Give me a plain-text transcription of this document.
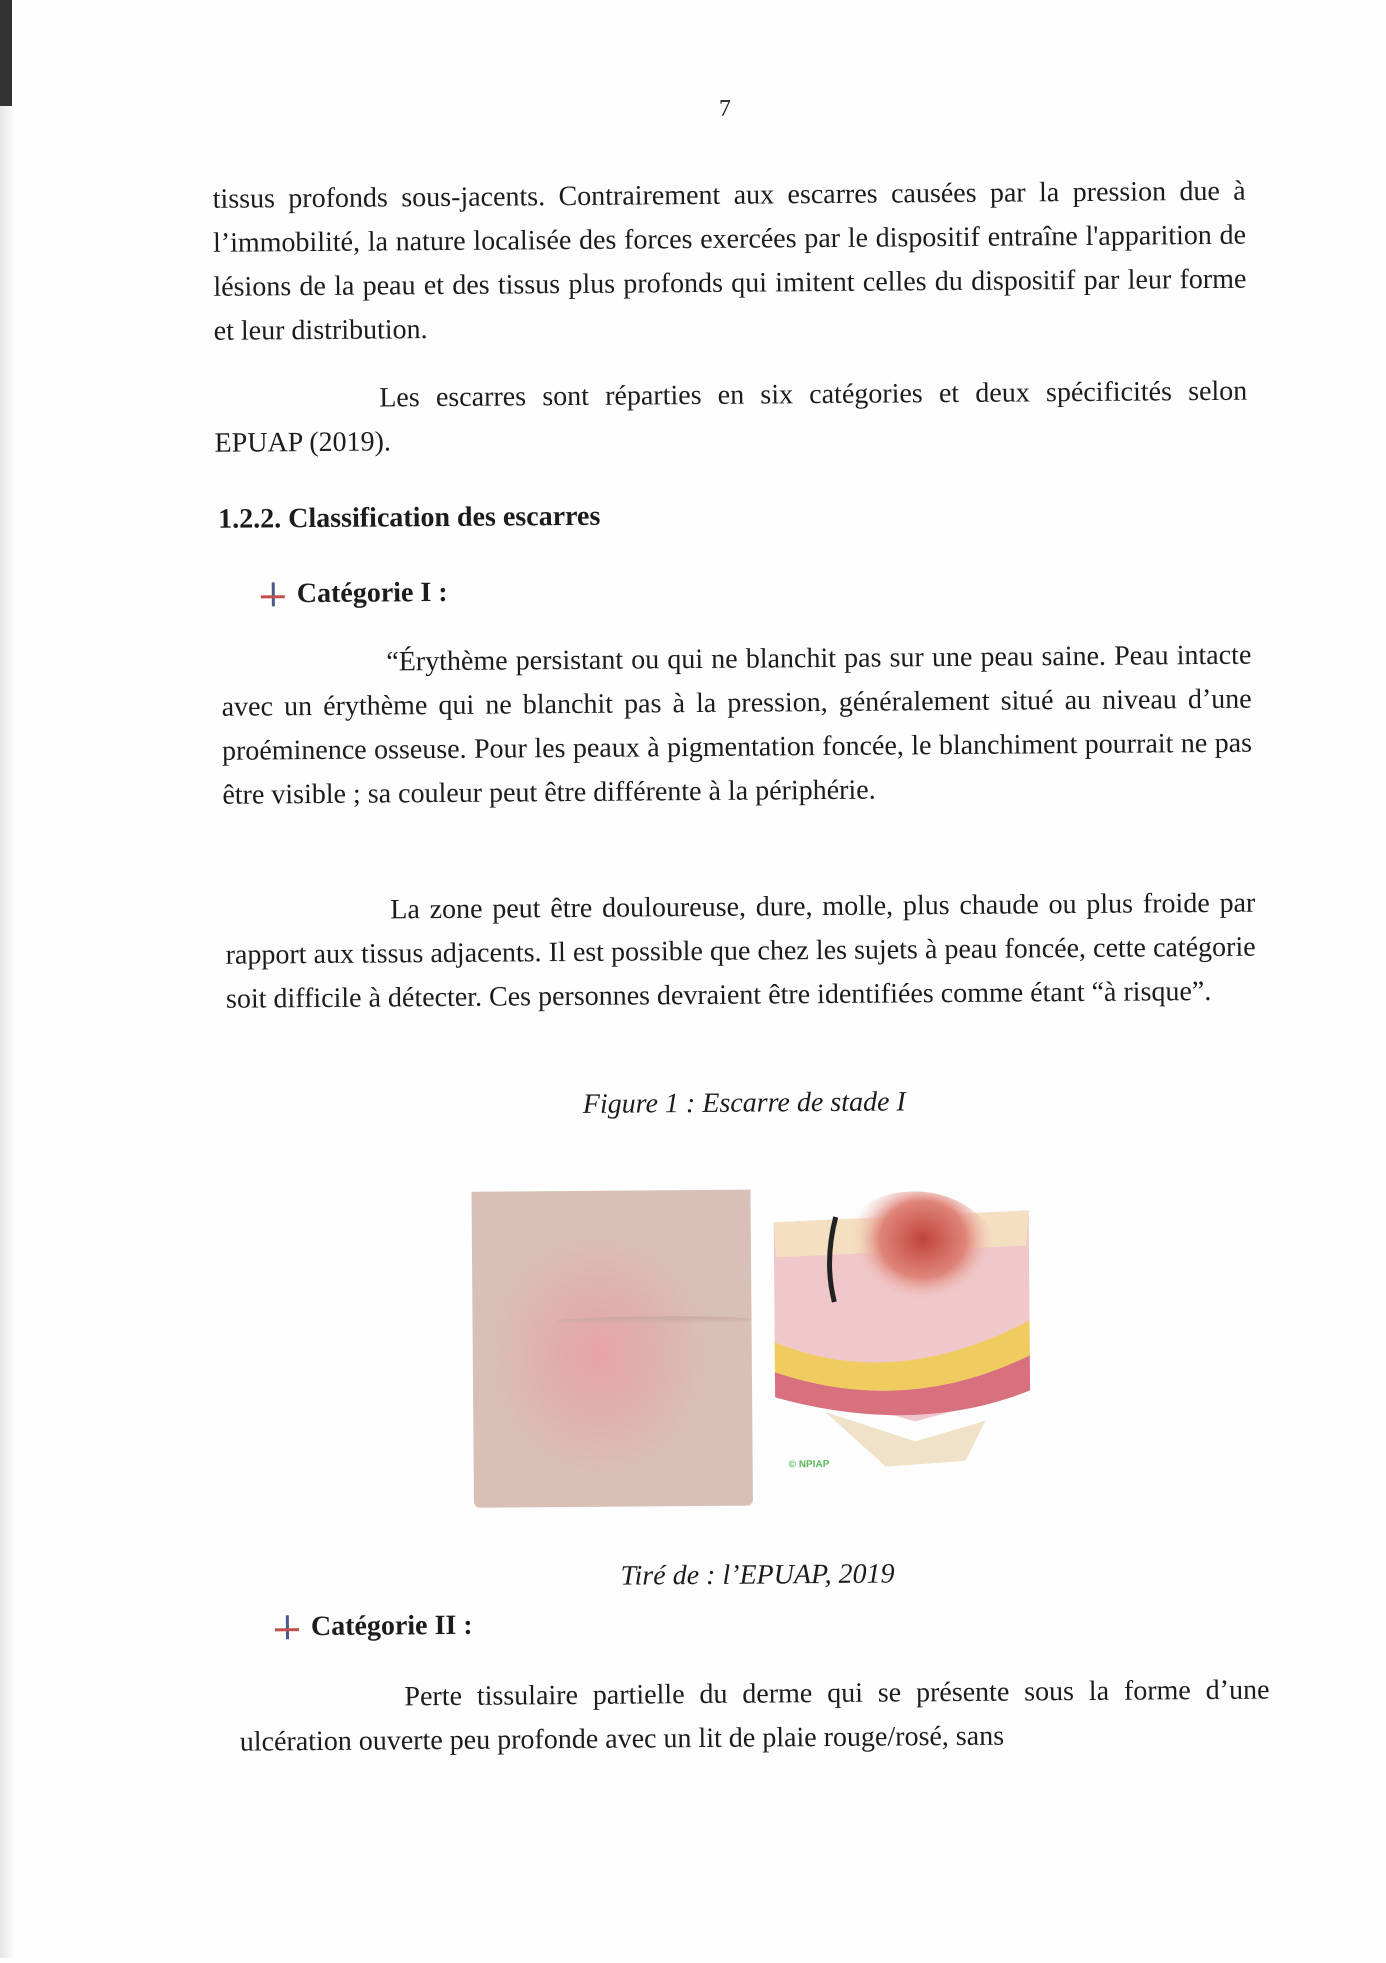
7
tissus profonds sous-jacents. Contrairement aux escarres causées par la pression due à l’immobilité, la nature localisée des forces exercées par le dispositif entraîne l'apparition de lésions de la peau et des tissus plus profonds qui imitent celles du dispositif par leur forme et leur distribution.
Les escarres sont réparties en six catégories et deux spécificités selon EPUAP (2019).
1.2.2. Classification des escarres
Catégorie I :
“Érythème persistant ou qui ne blanchit pas sur une peau saine. Peau intacte avec un érythème qui ne blanchit pas à la pression, généralement situé au niveau d’une proéminence osseuse. Pour les peaux à pigmentation foncée, le blanchiment pourrait ne pas être visible ; sa couleur peut être différente à la périphérie.
La zone peut être douloureuse, dure, molle, plus chaude ou plus froide par rapport aux tissus adjacents. Il est possible que chez les sujets à peau foncée, cette catégorie soit difficile à détecter. Ces personnes devraient être identifiées comme étant “à risque”.
Figure 1 : Escarre de stade I
© NPIAP
Tiré de : l’EPUAP, 2019
Catégorie II :
Perte tissulaire partielle du derme qui se présente sous la forme d’une ulcération ouverte peu profonde avec un lit de plaie rouge/rosé, sans
